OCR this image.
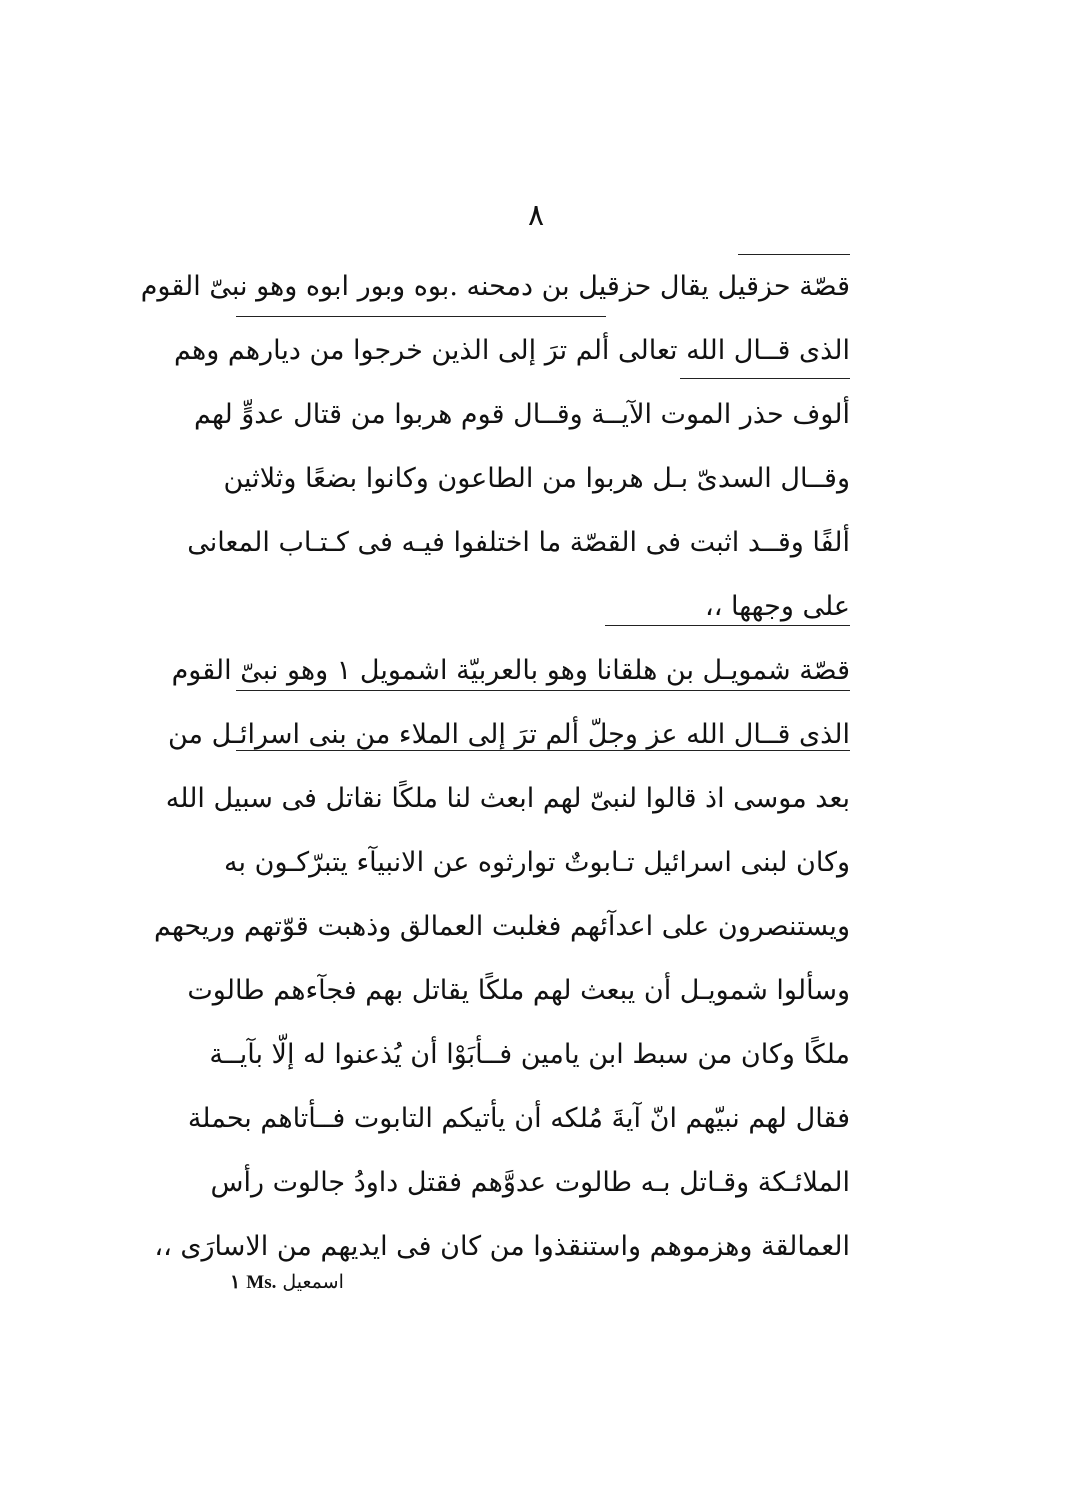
٨
قصّة حزقيل يقال حزقيل بن دمحنه .بوه وبور ابوه وهو نبىّ القوم
الذى قــال الله تعالى ألم ترَ إلى الذين خرجوا من ديارهم وهم
ألوف حذر الموت الآيــة وقــال قوم هربوا من قتال عدوٍّ لهم
وقــال السدىّ بـل هربوا من الطاعون وكانوا بضعًا وثلاثين
ألفًا وقــد اثبت فى القصّة ما اختلفوا فيـه فى كـتـاب المعانى
على وجهها ،،
قصّة شمويـل بن هلقانا وهو بالعربيّة اشمويل ١ وهو نبىّ القوم
الذى قــال الله عز وجلّ ألم ترَ إلى الملاء من بنى اسرائـل من
بعد موسى اذ قالوا لنبىّ لهم ابعث لنا ملكًا نقاتل فى سبيل الله
وكان لبنى اسرائيل تـابوتٌ توارثوه عن الانبيآء يتبرّكـون به
ويستنصرون على اعدآئهم فغلبت العمالق وذهبت قوّتهم وريحهم
وسألوا شمويـل أن يبعث لهم ملكًا يقاتل بهم فجآءهم طالوت
ملكًا وكان من سبط ابن يامين فــأبَوْا أن يُذعنوا له إلّا بآيــة
فقال لهم نبيّهم انّ آيةَ مُلكه أن يأتيكم التابوت فــأتاهم بحملة
الملائـكة وقـاتل بـه طالوت عدوَّهم فقتل داودُ جالوت رأس
العمالقة وهزموهم واستنقذوا من كان فى ايديهم من الاسارَى ،،
١ Ms. اسمعيل
